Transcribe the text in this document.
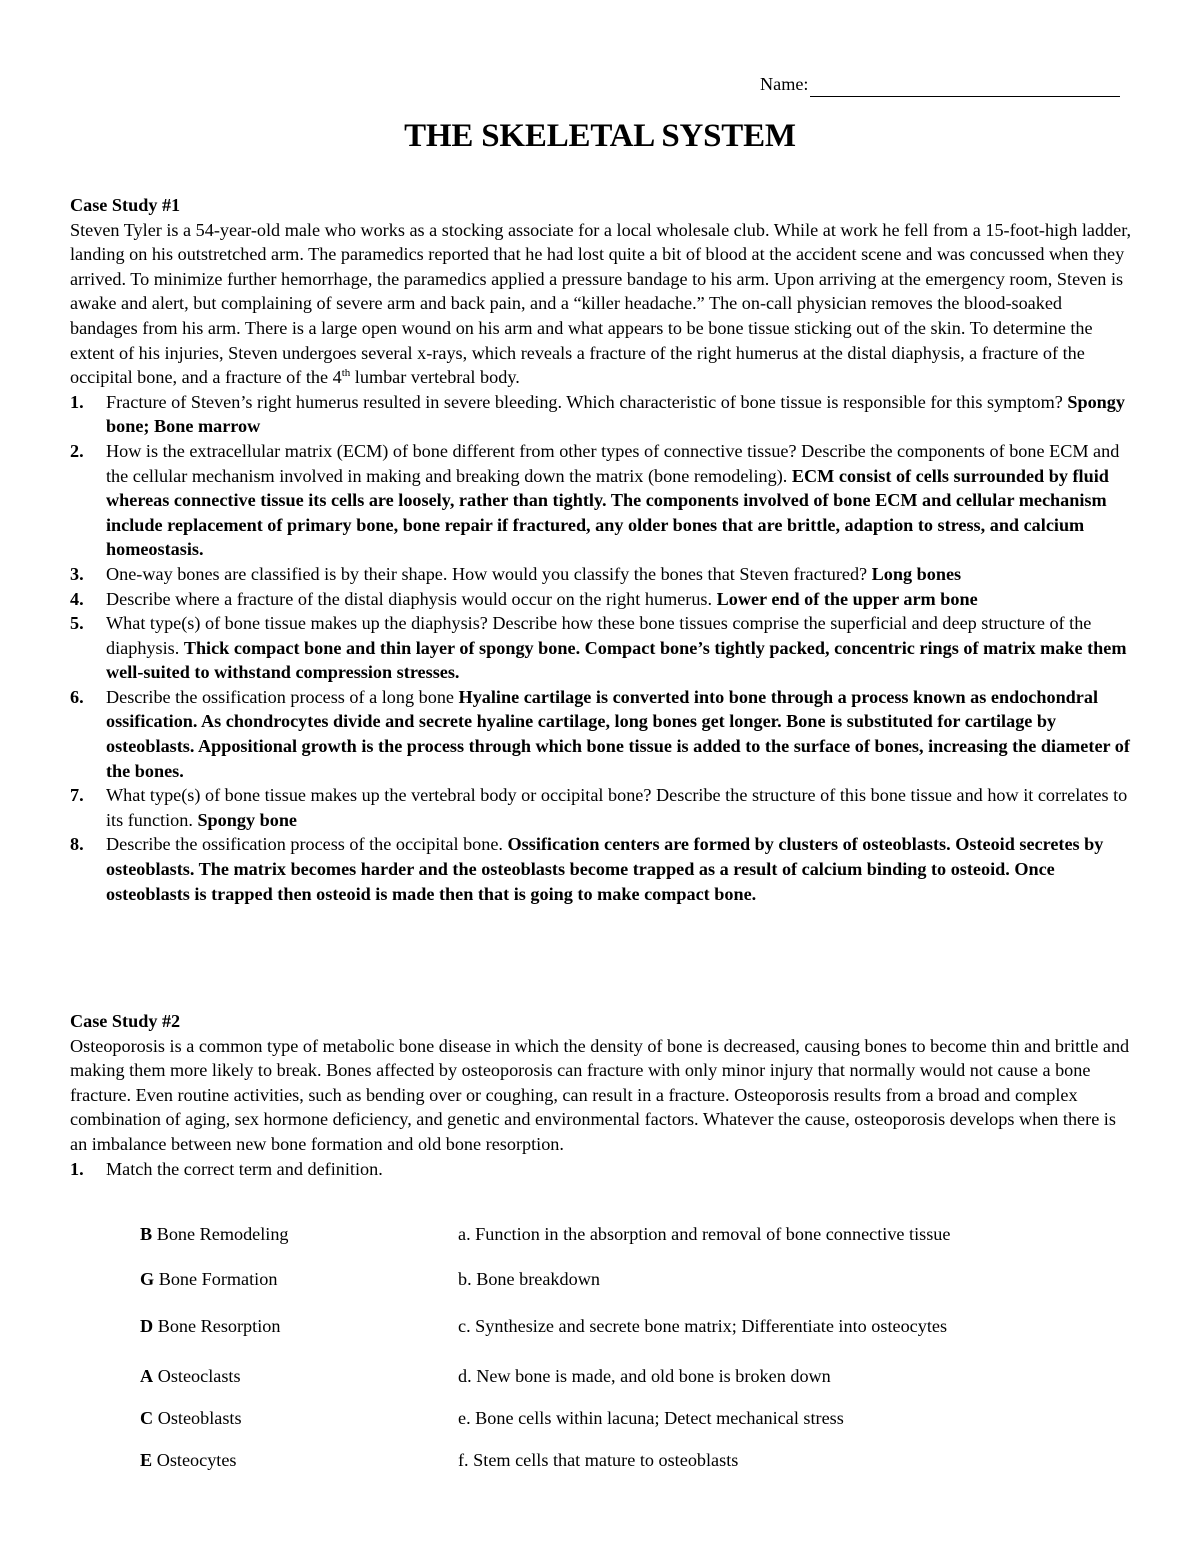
Name:
THE SKELETAL SYSTEM
Case Study #1

Steven Tyler is a 54-year-old male who works as a stocking associate for a local wholesale club. While at work he fell from a 15-foot-high ladder, landing on his outstretched arm. The paramedics reported that he had lost quite a bit of blood at the accident scene and was concussed when they arrived. To minimize further hemorrhage, the paramedics applied a pressure bandage to his arm. Upon arriving at the emergency room, Steven is awake and alert, but complaining of severe arm and back pain, and a “killer headache.” The on-call physician removes the blood-soaked bandages from his arm. There is a large open wound on his arm and what appears to be bone tissue sticking out of the skin. To determine the extent of his injuries, Steven undergoes several x-rays, which reveals a fracture of the right humerus at the distal diaphysis, a fracture of the occipital bone, and a fracture of the 4th lumbar vertebral body.

1. Fracture of Steven’s right humerus resulted in severe bleeding. Which characteristic of bone tissue is responsible for this symptom? Spongy bone; Bone marrow
2. How is the extracellular matrix (ECM) of bone different from other types of connective tissue? Describe the components of bone ECM and the cellular mechanism involved in making and breaking down the matrix (bone remodeling). ECM consist of cells surrounded by fluid whereas connective tissue its cells are loosely, rather than tightly. The components involved of bone ECM and cellular mechanism include replacement of primary bone, bone repair if fractured, any older bones that are brittle, adaption to stress, and calcium homeostasis.
3. One-way bones are classified is by their shape. How would you classify the bones that Steven fractured? Long bones
4. Describe where a fracture of the distal diaphysis would occur on the right humerus. Lower end of the upper arm bone
5. What type(s) of bone tissue makes up the diaphysis? Describe how these bone tissues comprise the superficial and deep structure of the diaphysis. Thick compact bone and thin layer of spongy bone. Compact bone’s tightly packed, concentric rings of matrix make them well-suited to withstand compression stresses.
6. Describe the ossification process of a long bone Hyaline cartilage is converted into bone through a process known as endochondral ossification. As chondrocytes divide and secrete hyaline cartilage, long bones get longer. Bone is substituted for cartilage by osteoblasts. Appositional growth is the process through which bone tissue is added to the surface of bones, increasing the diameter of the bones.
7. What type(s) of bone tissue makes up the vertebral body or occipital bone? Describe the structure of this bone tissue and how it correlates to its function. Spongy bone
8. Describe the ossification process of the occipital bone. Ossification centers are formed by clusters of osteoblasts. Osteoid secretes by osteoblasts. The matrix becomes harder and the osteoblasts become trapped as a result of calcium binding to osteoid. Once osteoblasts is trapped then osteoid is made then that is going to make compact bone.
Case Study #2

Osteoporosis is a common type of metabolic bone disease in which the density of bone is decreased, causing bones to become thin and brittle and making them more likely to break. Bones affected by osteoporosis can fracture with only minor injury that normally would not cause a bone fracture. Even routine activities, such as bending over or coughing, can result in a fracture. Osteoporosis results from a broad and complex combination of aging, sex hormone deficiency, and genetic and environmental factors. Whatever the cause, osteoporosis develops when there is an imbalance between new bone formation and old bone resorption.

1. Match the correct term and definition.
B Bone Remodeling	a. Function in the absorption and removal of bone connective tissue
G Bone Formation	b. Bone breakdown
D Bone Resorption	c. Synthesize and secrete bone matrix; Differentiate into osteocytes
A Osteoclasts	d. New bone is made, and old bone is broken down
C Osteoblasts	e. Bone cells within lacuna; Detect mechanical stress
E Osteocytes	f. Stem cells that mature to osteoblasts
